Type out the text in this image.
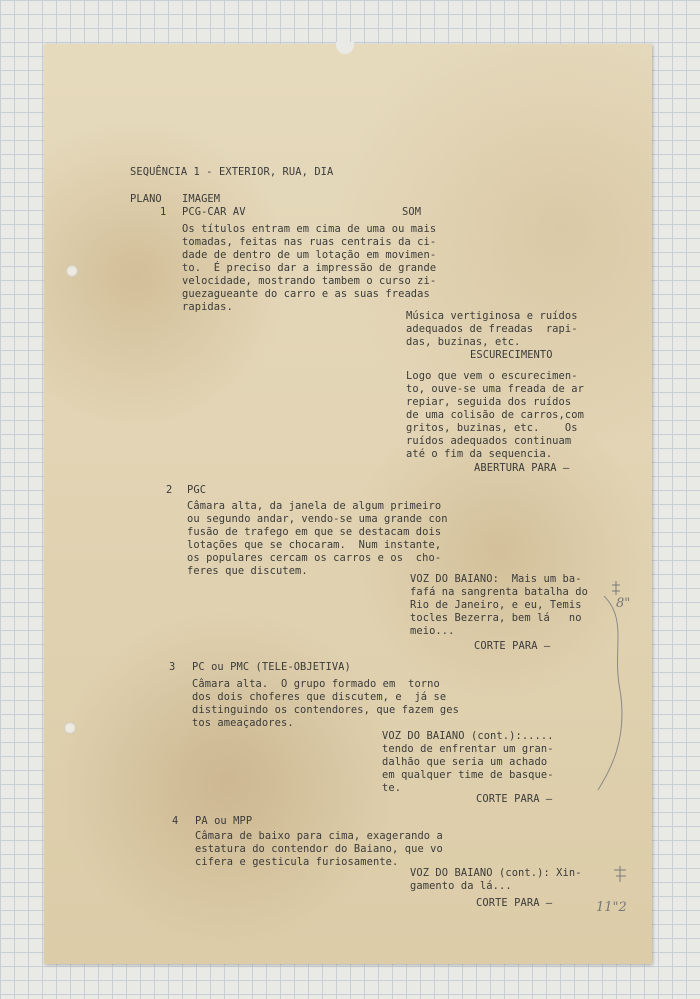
SEQUÊNCIA 1 - EXTERIOR, RUA, DIA

PLANO IMAGEM

SOM

1 PCG-CAR AV

Os títulos entram em cima de uma ou mais
tomadas, feitas nas ruas centrais da ci-
dade de dentro de um lotação em movimen-
to.  É preciso dar a impressão de grande
velocidade, mostrando tambem o curso zi-
guezagueante do carro e as suas freadas
rapidas.

Música vertiginosa e ruídos
adequados de freadas  rapi-
das, buzinas, etc.

ESCURECIMENTO

Logo que vem o escurecimen-
to, ouve-se uma freada de ar
repiar, seguida dos ruídos
de uma colisão de carros,com
gritos, buzinas, etc.    Os
ruídos adequados continuam
até o fim da sequencia.

ABERTURA PARA —

2 PGC

Câmara alta, da janela de algum primeiro
ou segundo andar, vendo-se uma grande con
fusão de trafego em que se destacam dois
lotações que se chocaram.  Num instante,
os populares cercam os carros e os  cho-
feres que discutem.

VOZ DO BAIANO:  Mais um ba-
fafá na sangrenta batalha do
Rio de Janeiro, e eu, Temis
tocles Bezerra, bem lá   no
meio...

CORTE PARA —

3 PC ou PMC (TELE-OBJETIVA)

Câmara alta.  O grupo formado em  torno
dos dois choferes que discutem, e  já se
distinguindo os contendores, que fazem ges
tos ameaçadores.

VOZ DO BAIANO (cont.):.....
tendo de enfrentar um gran-
dalhão que seria um achado
em qualquer time de basque-
te.

CORTE PARA —

4 PA ou MPP

Câmara de baixo para cima, exagerando a
estatura do contendor do Baiano, que vo
cifera e gesticula furiosamente.

VOZ DO BAIANO (cont.): Xin-
gamento da lá...

CORTE PARA —

8"
11"2
